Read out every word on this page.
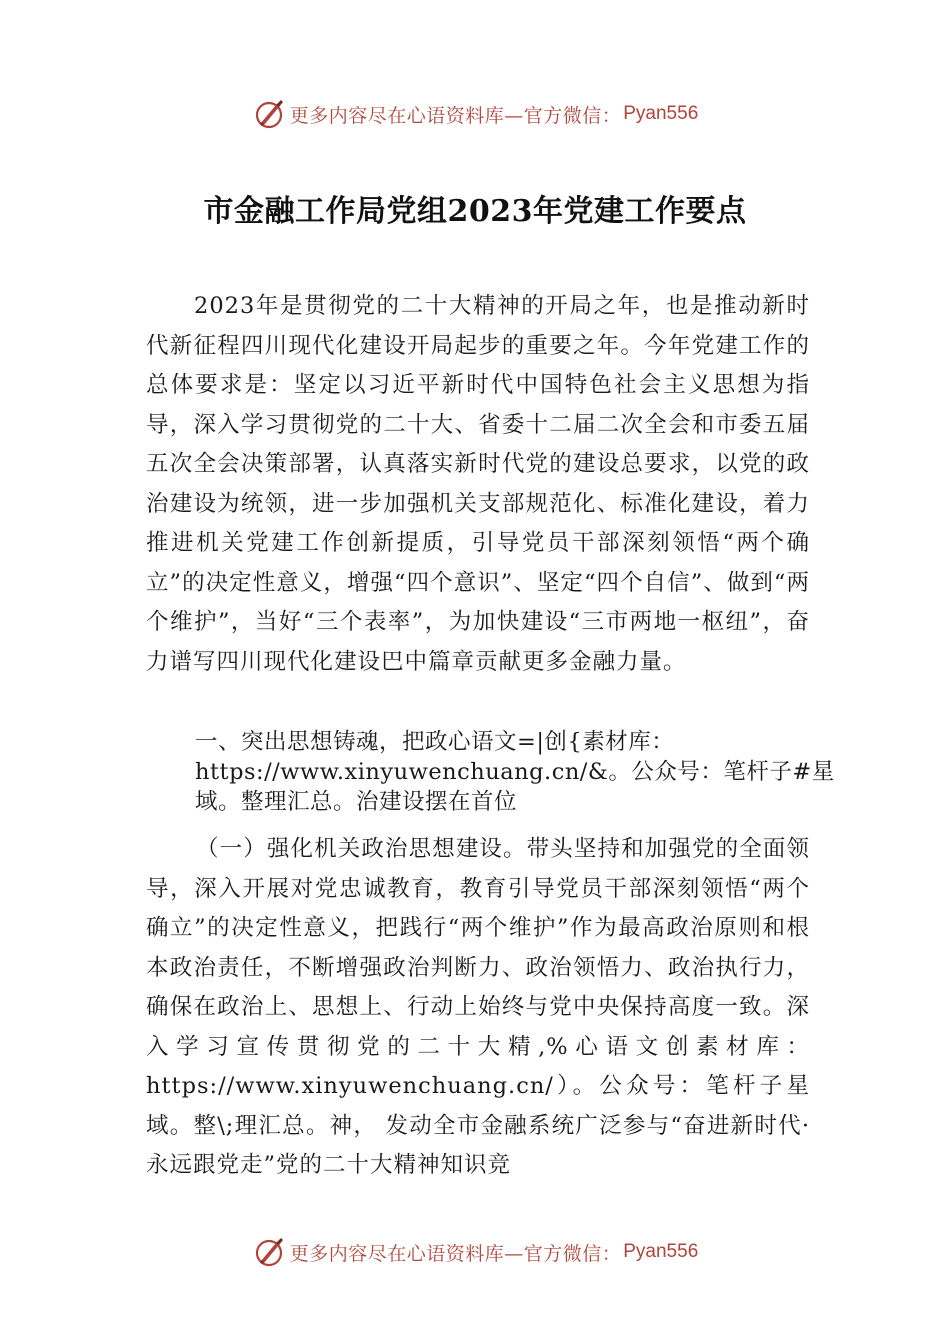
更多内容尽在心语资料库—官方微信： Pyan556
市金融工作局党组2023年党建工作要点

2023年是贯彻党的二十大精神的开局之年，也是推动新时代新征程四川现代化建设开局起步的重要之年。今年党建工作的总体要求是：坚定以习近平新时代中国特色社会主义思想为指导，深入学习贯彻党的二十大、省委十二届二次全会和市委五届五次全会决策部署，认真落实新时代党的建设总要求，以党的政治建设为统领，进一步加强机关支部规范化、标准化建设，着力推进机关党建工作创新提质，引导党员干部深刻领悟“两个确立”的决定性意义，增强“四个意识”、坚定“四个自信”、做到“两个维护”，当好“三个表率”，为加快建设“三市两地一枢纽”，奋力谱写四川现代化建设巴中篇章贡献更多金融力量。

一、突出思想铸魂，把政心语文=|创{素材库：https://www.xinyuwenchuang.cn/&。公众号：笔杆子#星域。整理汇总。治建设摆在首位

（一）强化机关政治思想建设。带头坚持和加强党的全面领导，深入开展对党忠诚教育，教育引导党员干部深刻领悟“两个确立”的决定性意义，把践行“两个维护”作为最高政治原则和根本政治责任，不断增强政治判断力、政治领悟力、政治执行力，确保在政治上、思想上、行动上始终与党中央保持高度一致。深入学习宣传贯彻党的二十大精,%心语文创素材库：https://www.xinyuwenchuang.cn/）。公众号：笔杆子星域。整\;理汇总。神， 发动全市金融系统广泛参与“奋进新时代·永远跟党走”党的二十大精神知识竞

更多内容尽在心语资料库—官方微信： Pyan556
